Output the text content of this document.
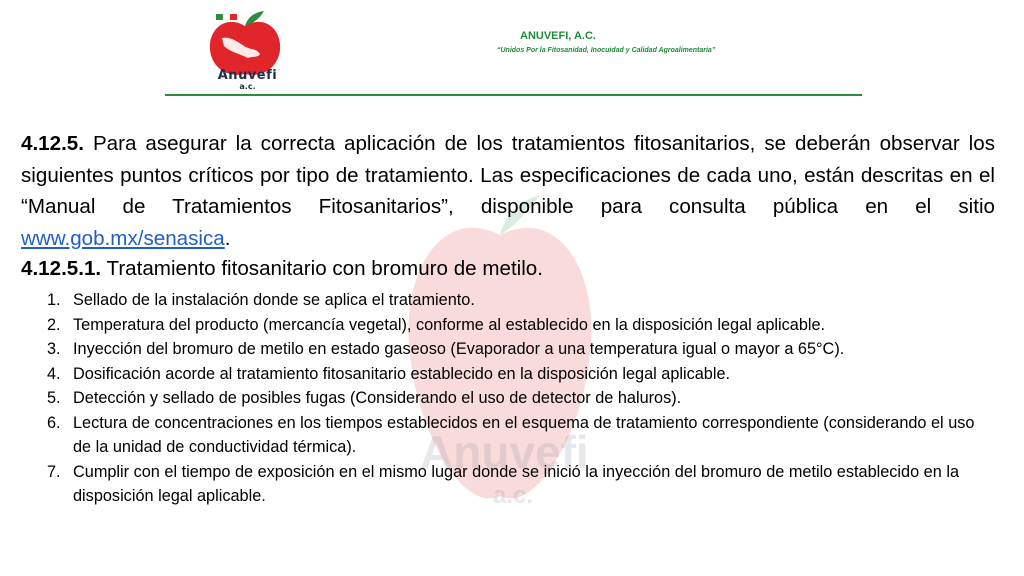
Anuvefi
a.c.
Anuvefi
a.c.
ANUVEFI, A.C.
“Unidos Por la Fitosanidad, Inocuidad y Calidad Agroalimentaria”

4.12.5. Para asegurar la correcta aplicación de los tratamientos fitosanitarios, se deberán observar los siguientes puntos críticos por tipo de tratamiento. Las especificaciones de cada uno, están descritas en el “Manual de Tratamientos Fitosanitarios”, disponible para consulta pública en el sitio www.gob.mx/senasica.

4.12.5.1. Tratamiento fitosanitario con bromuro de metilo.

1. Sellado de la instalación donde se aplica el tratamiento.
2. Temperatura del producto (mercancía vegetal), conforme al establecido en la disposición legal aplicable.
3. Inyección del bromuro de metilo en estado gaseoso (Evaporador a una temperatura igual o mayor a 65°C).
4. Dosificación acorde al tratamiento fitosanitario establecido en la disposición legal aplicable.
5. Detección y sellado de posibles fugas (Considerando el uso de detector de haluros).
6. Lectura de concentraciones en los tiempos establecidos en el esquema de tratamiento correspondiente (considerando el uso de la unidad de conductividad térmica).
7. Cumplir con el tiempo de exposición en el mismo lugar donde se inició la inyección del bromuro de metilo establecido en la disposición legal aplicable.
